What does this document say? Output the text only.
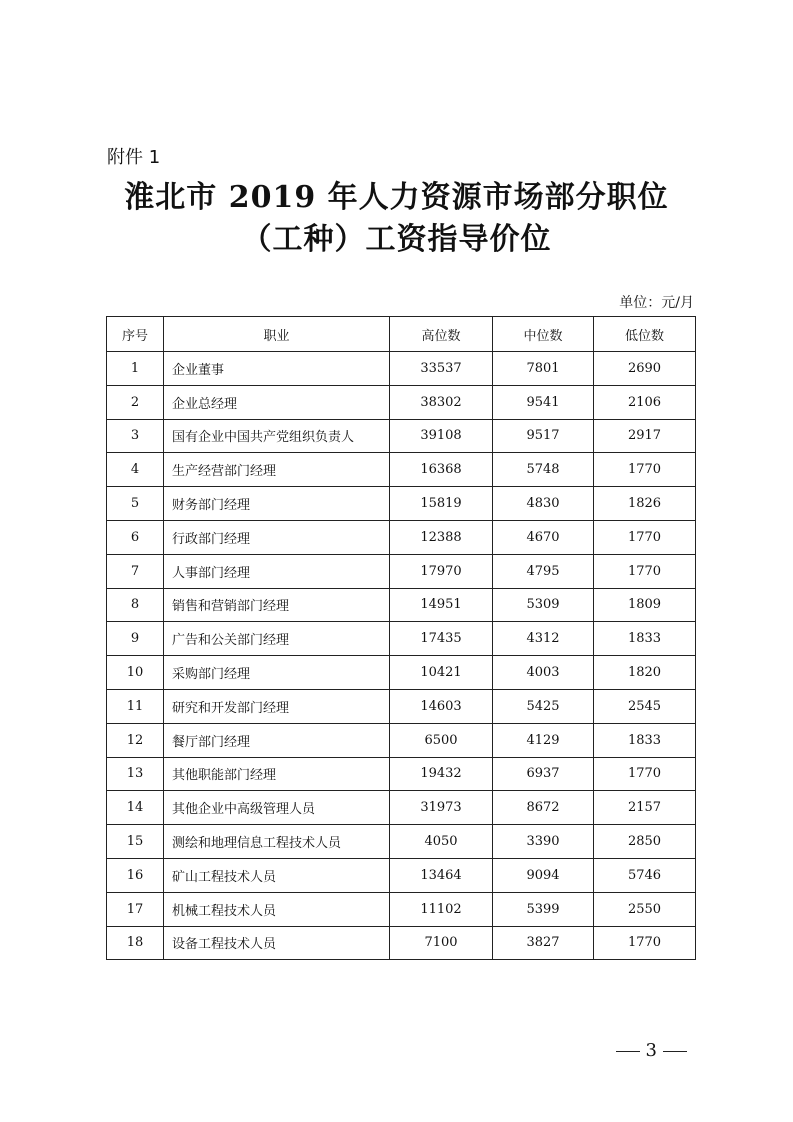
附件 1
淮北市 2019 年人力资源市场部分职位
（工种）工资指导价位
单位：元/月
序号	职业	高位数	中位数	低位数
1	企业董事	33537	7801	2690
2	企业总经理	38302	9541	2106
3	国有企业中国共产党组织负责人	39108	9517	2917
4	生产经营部门经理	16368	5748	1770
5	财务部门经理	15819	4830	1826
6	行政部门经理	12388	4670	1770
7	人事部门经理	17970	4795	1770
8	销售和营销部门经理	14951	5309	1809
9	广告和公关部门经理	17435	4312	1833
10	采购部门经理	10421	4003	1820
11	研究和开发部门经理	14603	5425	2545
12	餐厅部门经理	6500	4129	1833
13	其他职能部门经理	19432	6937	1770
14	其他企业中高级管理人员	31973	8672	2157
15	测绘和地理信息工程技术人员	4050	3390	2850
16	矿山工程技术人员	13464	9094	5746
17	机械工程技术人员	11102	5399	2550
18	设备工程技术人员	7100	3827	1770
3
